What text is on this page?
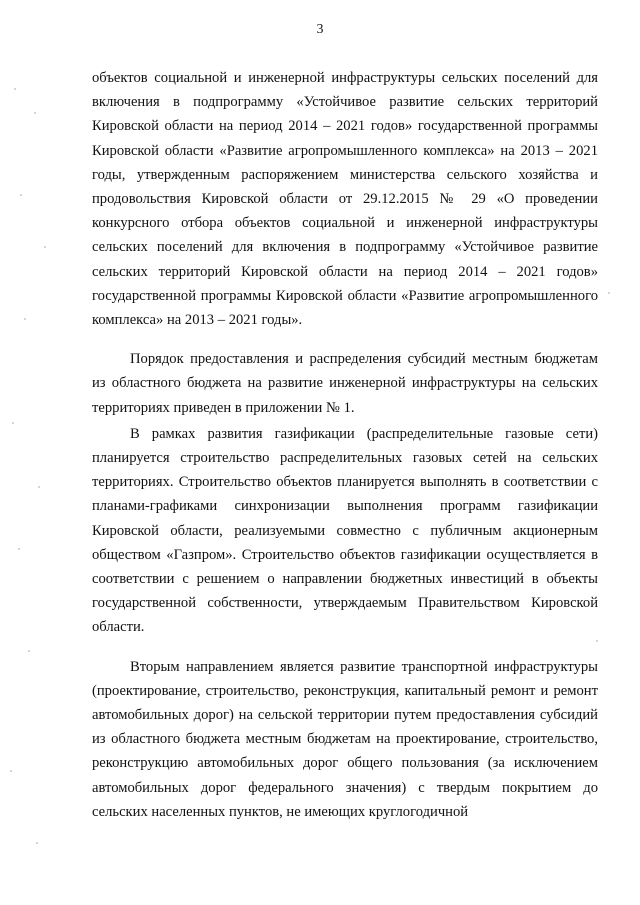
3

объектов социальной и инженерной инфраструктуры сельских поселений для включения в подпрограмму «Устойчивое развитие сельских территорий Кировской области на период 2014 – 2021 годов» государственной программы Кировской области «Развитие агропромышленного комплекса» на 2013 – 2021 годы, утвержденным распоряжением министерства сельского хозяйства и продовольствия Кировской области от 29.12.2015 № 29 «О проведении конкурсного отбора объектов социальной и инженерной инфраструктуры сельских поселений для включения в подпрограмму «Устойчивое развитие сельских территорий Кировской области на период 2014 – 2021 годов» государственной программы Кировской области «Развитие агропромышленного комплекса» на 2013 – 2021 годы».

Порядок предоставления и распределения субсидий местным бюджетам из областного бюджета на развитие инженерной инфраструктуры на сельских территориях приведен в приложении № 1.

В рамках развития газификации (распределительные газовые сети) планируется строительство распределительных газовых сетей на сельских территориях. Строительство объектов планируется выполнять в соответствии с планами-графиками синхронизации выполнения программ газификации Кировской области, реализуемыми совместно с публичным акционерным обществом «Газпром». Строительство объектов газификации осуществляется в соответствии с решением о направлении бюджетных инвестиций в объекты государственной собственности, утверждаемым Правительством Кировской области.

Вторым направлением является развитие транспортной инфраструктуры (проектирование, строительство, реконструкция, капитальный ремонт и ремонт автомобильных дорог) на сельской территории путем предоставления субсидий из областного бюджета местным бюджетам на проектирование, строительство, реконструкцию автомобильных дорог общего пользования (за исключением автомобильных дорог федерального значения) с твердым покрытием до сельских населенных пунктов, не имеющих круглогодичной
